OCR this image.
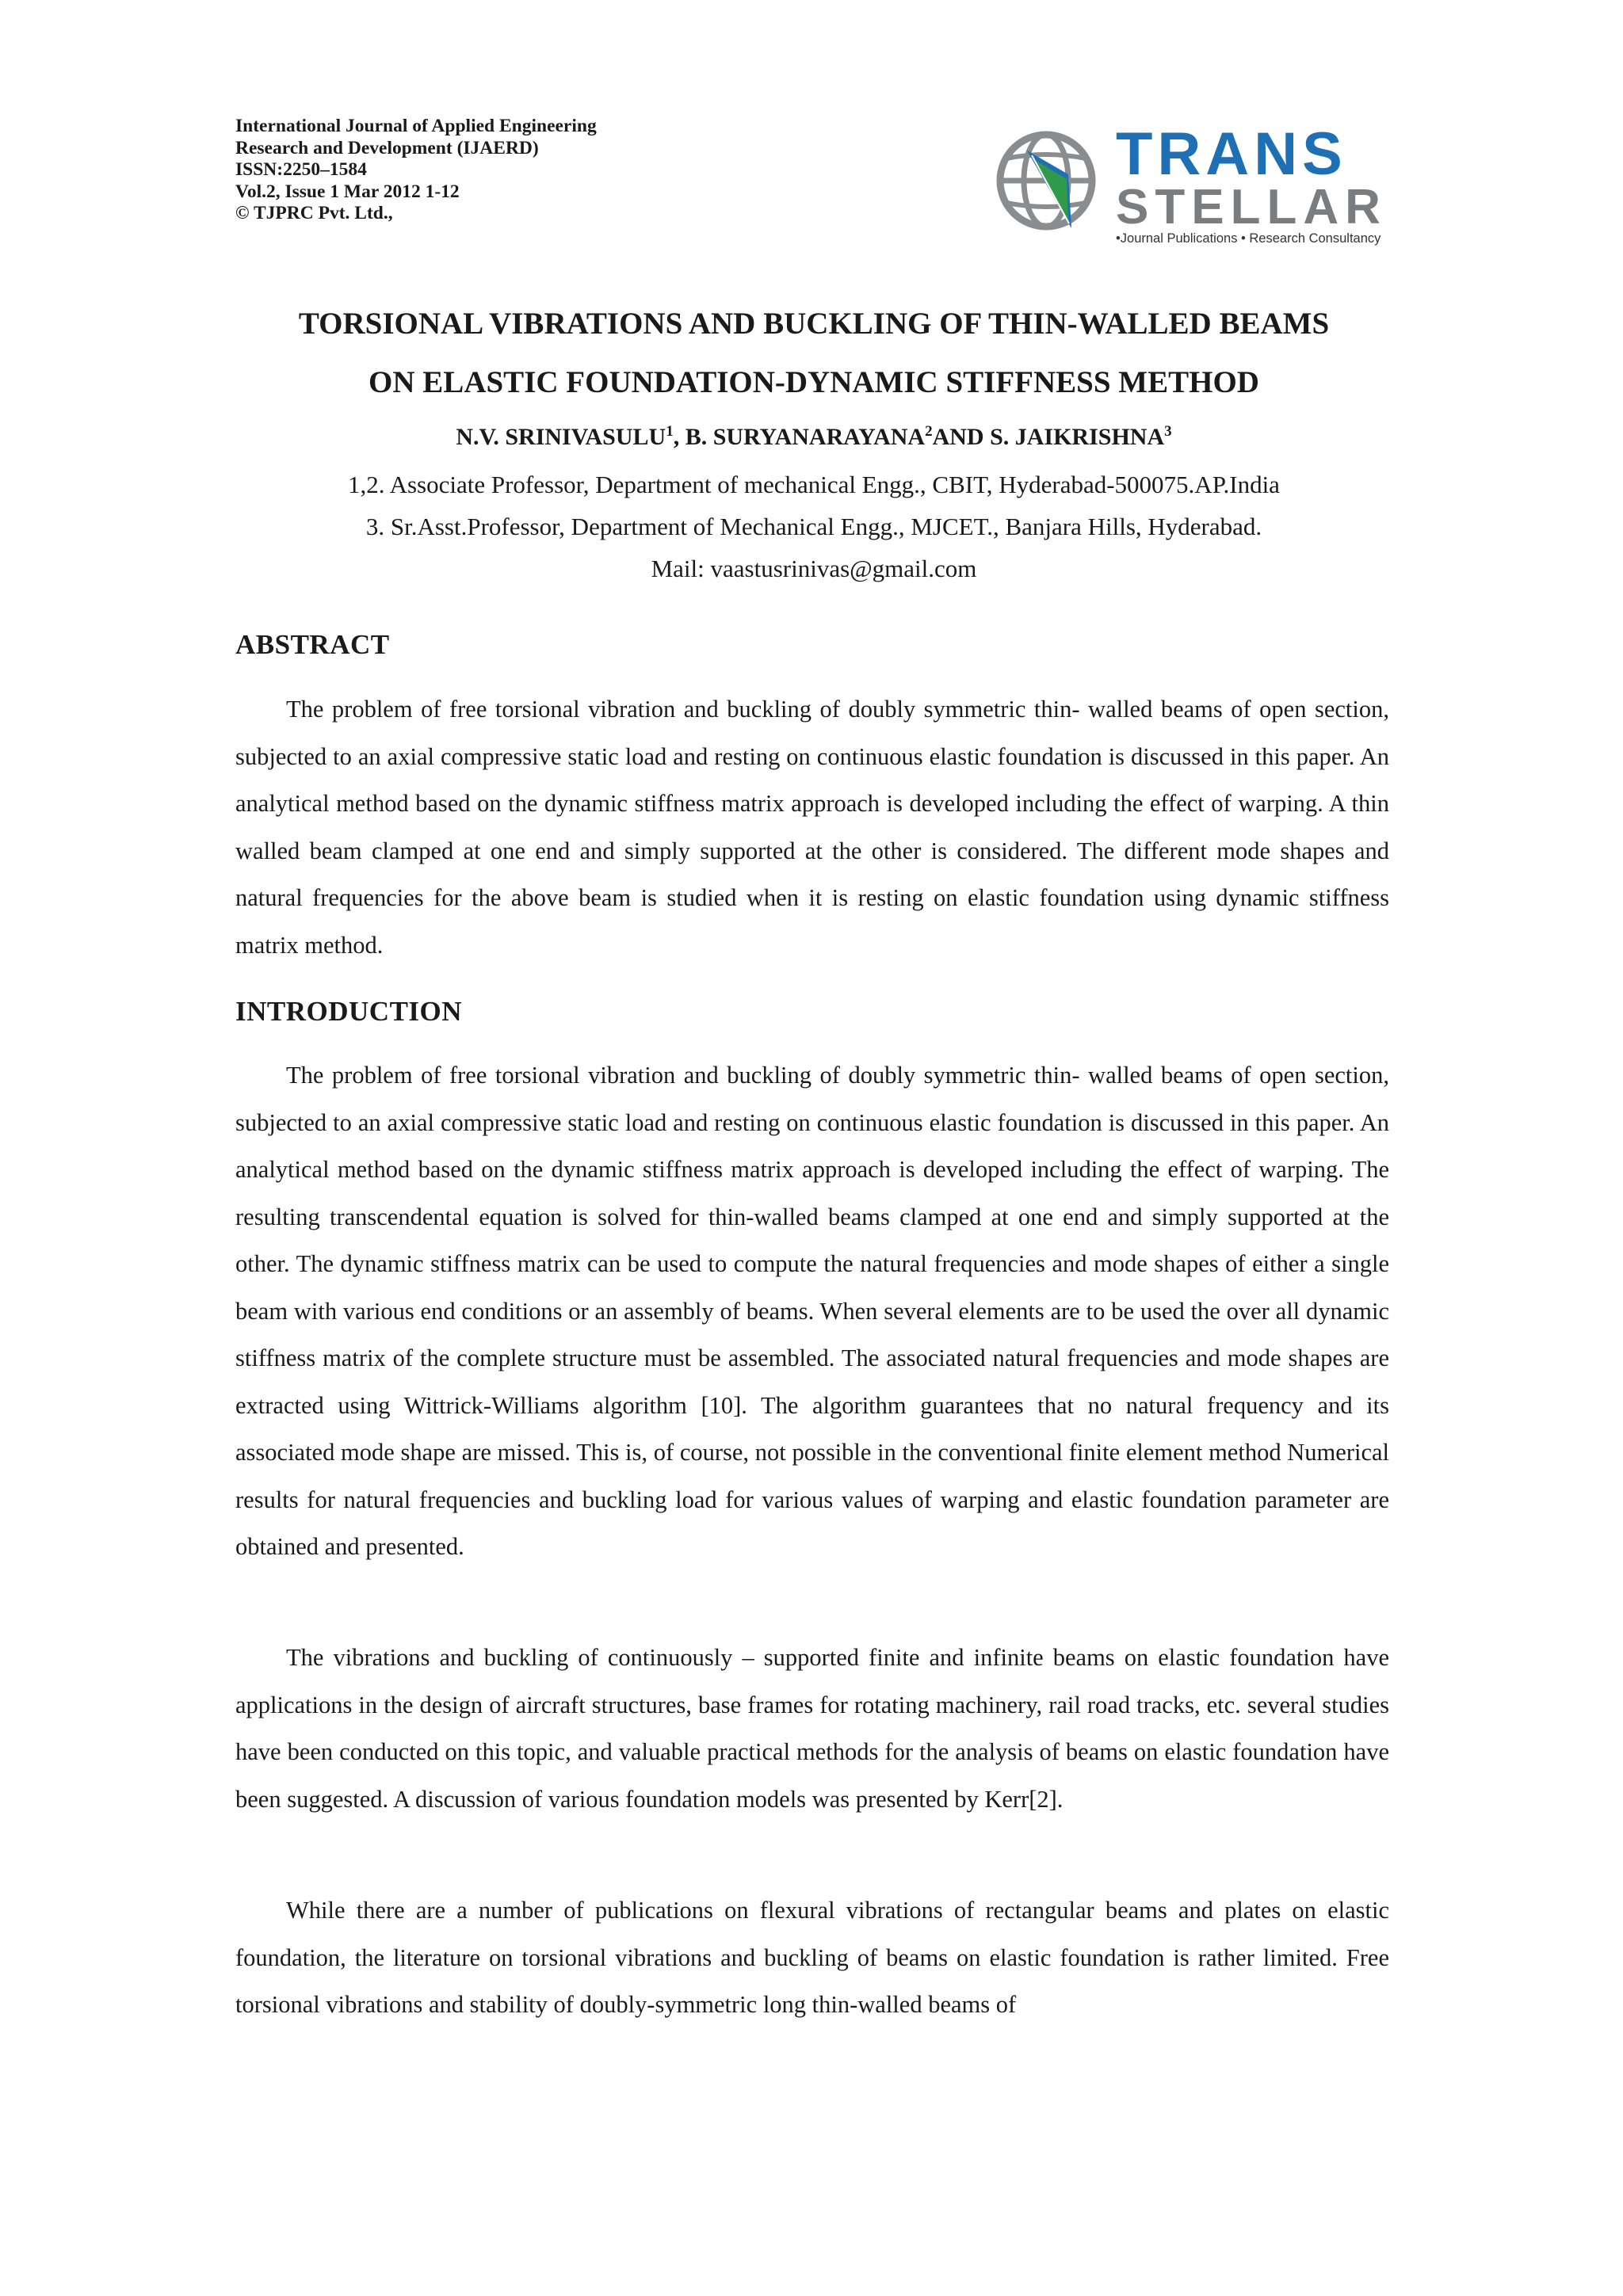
International Journal of Applied Engineering
Research and Development (IJAERD)
ISSN:2250–1584
Vol.2, Issue 1 Mar 2012 1-12
© TJPRC Pvt. Ltd.,
TRANS
STELLAR
•Journal Publications • Research Consultancy
TORSIONAL VIBRATIONS AND BUCKLING OF THIN-WALLED BEAMS
ON ELASTIC FOUNDATION-DYNAMIC STIFFNESS METHOD
N.V. SRINIVASULU$^1$, B. SURYANARAYANA$^2$AND S. JAIKRISHNA$^3$
1,2. Associate Professor, Department of mechanical Engg., CBIT, Hyderabad-500075.AP.India
3. Sr.Asst.Professor, Department of Mechanical Engg., MJCET., Banjara Hills, Hyderabad.
Mail: vaastusrinivas@gmail.com
ABSTRACT

The problem of free torsional vibration and buckling of doubly symmetric thin- walled beams of open section, subjected to an axial compressive static load and resting on continuous elastic foundation is discussed in this paper. An analytical method based on the dynamic stiffness matrix approach is developed including the effect of warping. A thin walled beam clamped at one end and simply supported at the other is considered. The different mode shapes and natural frequencies for the above beam is studied when it is resting on elastic foundation using dynamic stiffness matrix method.

INTRODUCTION

The problem of free torsional vibration and buckling of doubly symmetric thin- walled beams of open section, subjected to an axial compressive static load and resting on continuous elastic foundation is discussed in this paper. An analytical method based on the dynamic stiffness matrix approach is developed including the effect of warping. The resulting transcendental equation is solved for thin-walled beams clamped at one end and simply supported at the other. The dynamic stiffness matrix can be used to compute the natural frequencies and mode shapes of either a single beam with various end conditions or an assembly of beams. When several elements are to be used the over all dynamic stiffness matrix of the complete structure must be assembled. The associated natural frequencies and mode shapes are extracted using Wittrick-Williams algorithm [10]. The algorithm guarantees that no natural frequency and its associated mode shape are missed. This is, of course, not possible in the conventional finite element method Numerical results for natural frequencies and buckling load for various values of warping and elastic foundation parameter are obtained and presented.

The vibrations and buckling of continuously – supported finite and infinite beams on elastic foundation have applications in the design of aircraft structures, base frames for rotating machinery, rail road tracks, etc. several studies have been conducted on this topic, and valuable practical methods for the analysis of beams on elastic foundation have been suggested. A discussion of various foundation models was presented by Kerr[2].

While there are a number of publications on flexural vibrations of rectangular beams and plates on elastic foundation, the literature on torsional vibrations and buckling of beams on elastic foundation is rather limited. Free torsional vibrations and stability of doubly-symmetric long thin-walled beams of
